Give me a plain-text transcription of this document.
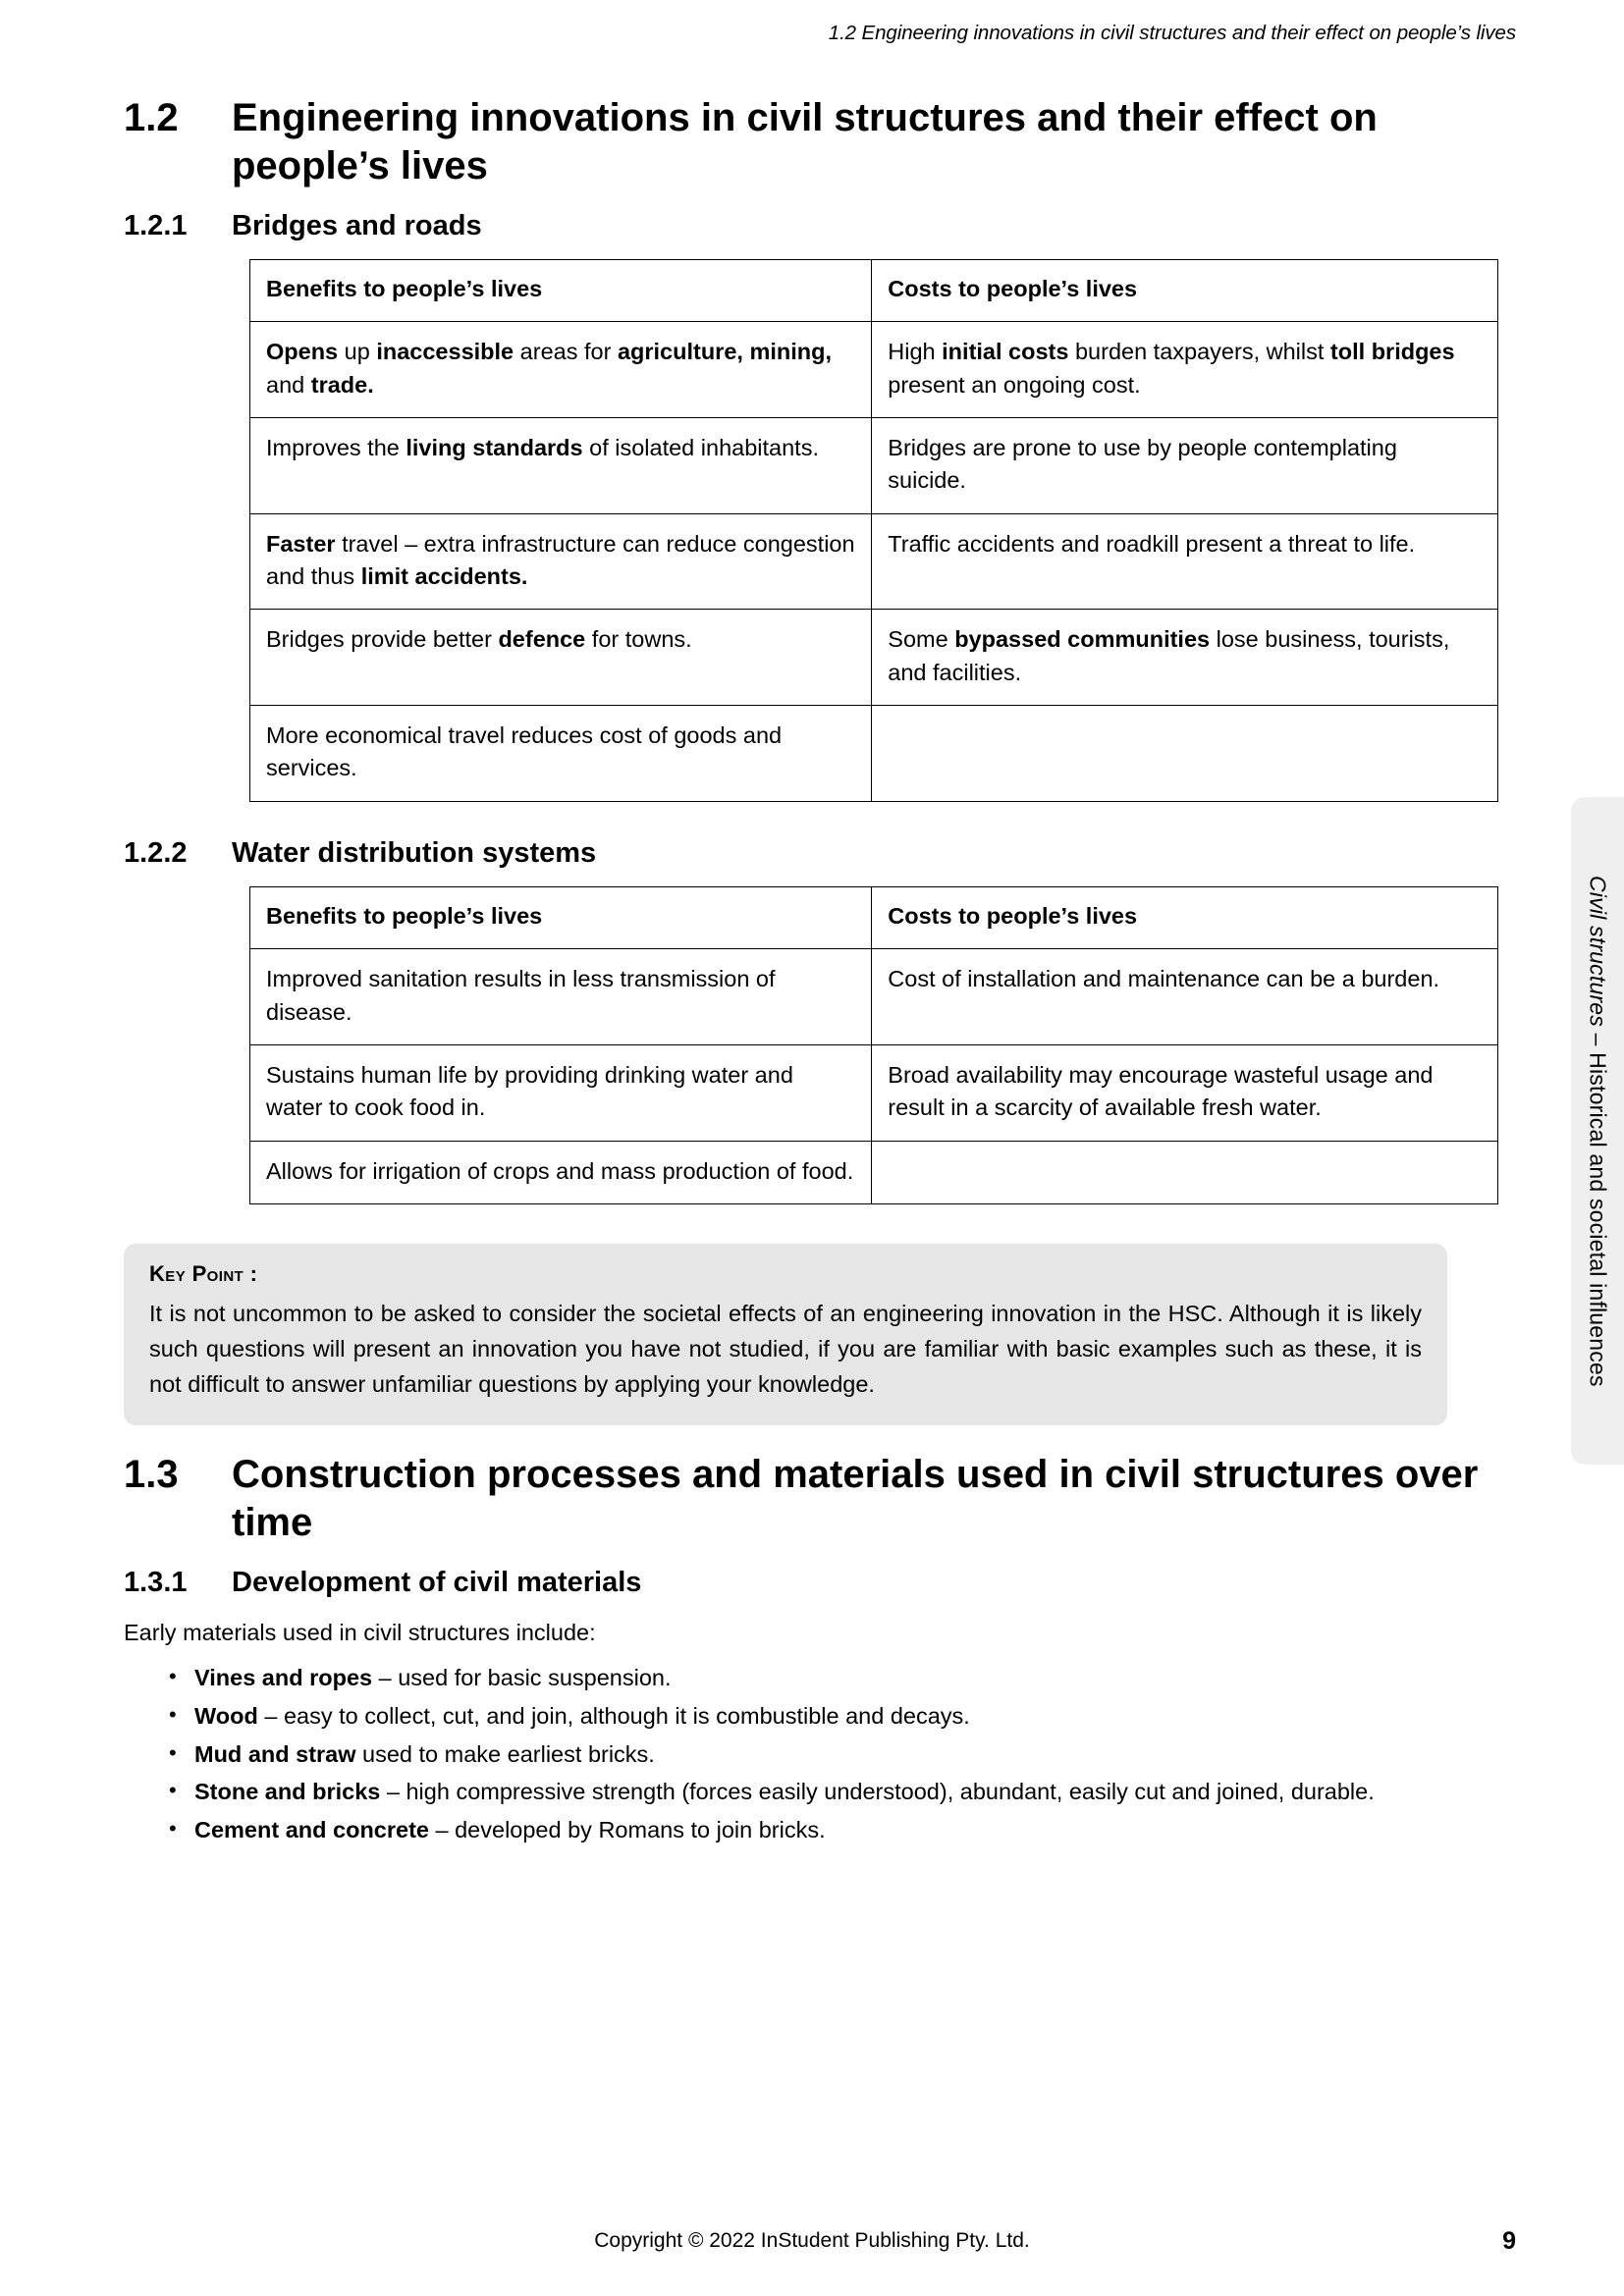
1.2 Engineering innovations in civil structures and their effect on people’s lives
1.2	Engineering innovations in civil structures and their effect on people’s lives
1.2.1	Bridges and roads
Benefits to people’s lives	Costs to people’s lives
Opens up inaccessible areas for agriculture, mining, and trade.	High initial costs burden taxpayers, whilst toll bridges present an ongoing cost.
Improves the living standards of isolated inhabitants.	Bridges are prone to use by people contemplating suicide.
Faster travel – extra infrastructure can reduce congestion and thus limit accidents.	Traffic accidents and roadkill present a threat to life.
Bridges provide better defence for towns.	Some bypassed communities lose business, tourists, and facilities.
More economical travel reduces cost of goods and services.	
1.2.2	Water distribution systems
Benefits to people’s lives	Costs to people’s lives
Improved sanitation results in less transmission of disease.	Cost of installation and maintenance can be a burden.
Sustains human life by providing drinking water and water to cook food in.	Broad availability may encourage wasteful usage and result in a scarcity of available fresh water.
Allows for irrigation of crops and mass production of food.	
Key Point :
It is not uncommon to be asked to consider the societal effects of an engineering innovation in the HSC. Although it is likely such questions will present an innovation you have not studied, if you are familiar with basic examples such as these, it is not difficult to answer unfamiliar questions by applying your knowledge.
1.3	Construction processes and materials used in civil structures over time
1.3.1	Development of civil materials

Early materials used in civil structures include:

• Vines and ropes – used for basic suspension.
• Wood – easy to collect, cut, and join, although it is combustible and decays.
• Mud and straw used to make earliest bricks.
• Stone and bricks – high compressive strength (forces easily understood), abundant, easily cut and joined, durable.
• Cement and concrete – developed by Romans to join bricks.
Civil structures – Historical and societal influences
Copyright © 2022 InStudent Publishing Pty. Ltd.	9
